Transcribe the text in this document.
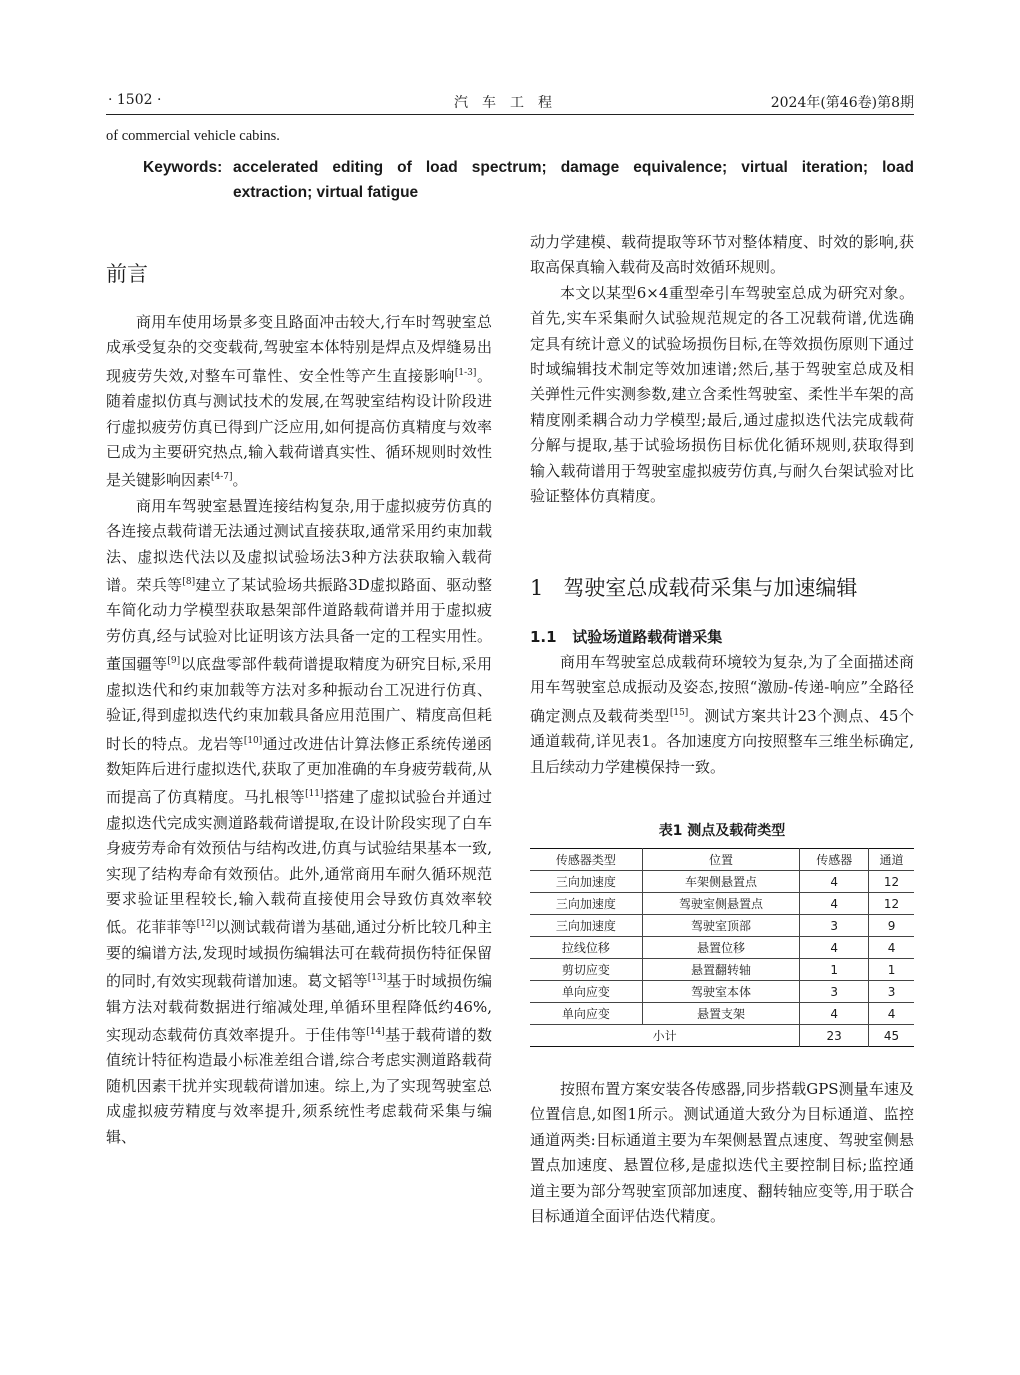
· 1502 ·	汽车工程	2024年(第46卷)第8期
of commercial vehicle cabins.
Keywords: accelerated editing of load spectrum; damage equivalence; virtual iteration; load
extraction; virtual fatigue
前言

商用车使用场景多变且路面冲击较大,行车时驾驶室总成承受复杂的交变载荷,驾驶室本体特别是焊点及焊缝易出现疲劳失效,对整车可靠性、安全性等产生直接影响[1-3]。随着虚拟仿真与测试技术的发展,在驾驶室结构设计阶段进行虚拟疲劳仿真已得到广泛应用,如何提高仿真精度与效率已成为主要研究热点,输入载荷谱真实性、循环规则时效性是关键影响因素[4-7]。

商用车驾驶室悬置连接结构复杂,用于虚拟疲劳仿真的各连接点载荷谱无法通过测试直接获取,通常采用约束加载法、虚拟迭代法以及虚拟试验场法3种方法获取输入载荷谱。荣兵等[8]建立了某试验场共振路3D虚拟路面、驱动整车简化动力学模型获取悬架部件道路载荷谱并用于虚拟疲劳仿真,经与试验对比证明该方法具备一定的工程实用性。董国疆等[9]以底盘零部件载荷谱提取精度为研究目标,采用虚拟迭代和约束加载等方法对多种振动台工况进行仿真、验证,得到虚拟迭代约束加载具备应用范围广、精度高但耗时长的特点。龙岩等[10]通过改进估计算法修正系统传递函数矩阵后进行虚拟迭代,获取了更加准确的车身疲劳载荷,从而提高了仿真精度。马扎根等[11]搭建了虚拟试验台并通过虚拟迭代完成实测道路载荷谱提取,在设计阶段实现了白车身疲劳寿命有效预估与结构改进,仿真与试验结果基本一致,实现了结构寿命有效预估。此外,通常商用车耐久循环规范要求验证里程较长,输入载荷直接使用会导致仿真效率较低。花菲菲等[12]以测试载荷谱为基础,通过分析比较几种主要的编谱方法,发现时域损伤编辑法可在载荷损伤特征保留的同时,有效实现载荷谱加速。葛文韬等[13]基于时域损伤编辑方法对载荷数据进行缩减处理,单循环里程降低约46%,实现动态载荷仿真效率提升。于佳伟等[14]基于载荷谱的数值统计特征构造最小标准差组合谱,综合考虑实测道路载荷随机因素干扰并实现载荷谱加速。综上,为了实现驾驶室总成虚拟疲劳精度与效率提升,须系统性考虑载荷采集与编辑、

动力学建模、载荷提取等环节对整体精度、时效的影响,获取高保真输入载荷及高时效循环规则。

本文以某型6×4重型牵引车驾驶室总成为研究对象。首先,实车采集耐久试验规范规定的各工况载荷谱,优选确定具有统计意义的试验场损伤目标,在等效损伤原则下通过时域编辑技术制定等效加速谱;然后,基于驾驶室总成及相关弹性元件实测参数,建立含柔性驾驶室、柔性半车架的高精度刚柔耦合动力学模型;最后,通过虚拟迭代法完成载荷分解与提取,基于试验场损伤目标优化循环规则,获取得到输入载荷谱用于驾驶室虚拟疲劳仿真,与耐久台架试验对比验证整体仿真精度。

1 驾驶室总成载荷采集与加速编辑
1.1 试验场道路载荷谱采集

商用车驾驶室总成载荷环境较为复杂,为了全面描述商用车驾驶室总成振动及姿态,按照“激励-传递-响应”全路径确定测点及载荷类型[15]。测试方案共计23个测点、45个通道载荷,详见表1。各加速度方向按照整车三维坐标确定,且后续动力学建模保持一致。

表1 测点及载荷类型
传感器类型	位置	传感器	通道
三向加速度	车架侧悬置点	4	12
三向加速度	驾驶室侧悬置点	4	12
三向加速度	驾驶室顶部	3	9
拉线位移	悬置位移	4	4
剪切应变	悬置翻转轴	1	1
单向应变	驾驶室本体	3	3
单向应变	悬置支架	4	4
小计		23	45

按照布置方案安装各传感器,同步搭载GPS测量车速及位置信息,如图1所示。测试通道大致分为目标通道、监控通道两类:目标通道主要为车架侧悬置点速度、驾驶室侧悬置点加速度、悬置位移,是虚拟迭代主要控制目标;监控通道主要为部分驾驶室顶部加速度、翻转轴应变等,用于联合目标通道全面评估迭代精度。
